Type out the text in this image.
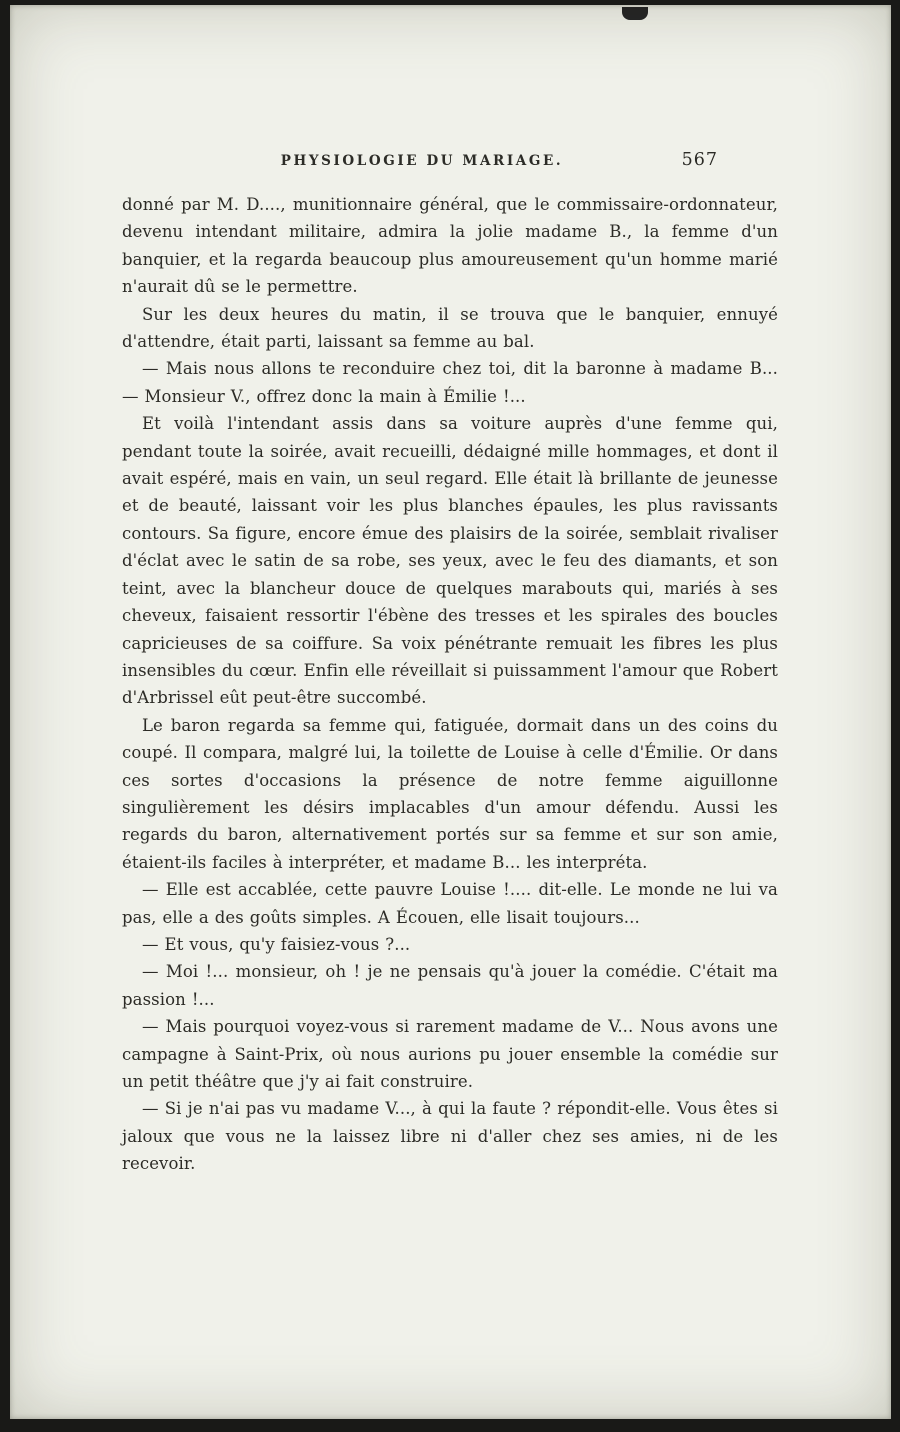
PHYSIOLOGIE DU MARIAGE.	567

donné par M. D...., munitionnaire général, que le commissaire-ordonnateur, devenu intendant militaire, admira la jolie madame B., la femme d'un banquier, et la regarda beaucoup plus amoureusement qu'un homme marié n'aurait dû se le permettre.

Sur les deux heures du matin, il se trouva que le banquier, ennuyé d'attendre, était parti, laissant sa femme au bal.

— Mais nous allons te reconduire chez toi, dit la baronne à madame B... — Monsieur V., offrez donc la main à Émilie !...

Et voilà l'intendant assis dans sa voiture auprès d'une femme qui, pendant toute la soirée, avait recueilli, dédaigné mille hommages, et dont il avait espéré, mais en vain, un seul regard. Elle était là brillante de jeunesse et de beauté, laissant voir les plus blanches épaules, les plus ravissants contours. Sa figure, encore émue des plaisirs de la soirée, semblait rivaliser d'éclat avec le satin de sa robe, ses yeux, avec le feu des diamants, et son teint, avec la blancheur douce de quelques marabouts qui, mariés à ses cheveux, faisaient ressortir l'ébène des tresses et les spirales des boucles capricieuses de sa coiffure. Sa voix pénétrante remuait les fibres les plus insensibles du cœur. Enfin elle réveillait si puissamment l'amour que Robert d'Arbrissel eût peut-être succombé.

Le baron regarda sa femme qui, fatiguée, dormait dans un des coins du coupé. Il compara, malgré lui, la toilette de Louise à celle d'Émilie. Or dans ces sortes d'occasions la présence de notre femme aiguillonne singulièrement les désirs implacables d'un amour défendu. Aussi les regards du baron, alternativement portés sur sa femme et sur son amie, étaient-ils faciles à interpréter, et madame B... les interpréta.

— Elle est accablée, cette pauvre Louise !.... dit-elle. Le monde ne lui va pas, elle a des goûts simples. A Écouen, elle lisait toujours...

— Et vous, qu'y faisiez-vous ?...

— Moi !... monsieur, oh ! je ne pensais qu'à jouer la comédie. C'était ma passion !...

— Mais pourquoi voyez-vous si rarement madame de V... Nous avons une campagne à Saint-Prix, où nous aurions pu jouer ensemble la comédie sur un petit théâtre que j'y ai fait construire.

— Si je n'ai pas vu madame V..., à qui la faute ? répondit-elle. Vous êtes si jaloux que vous ne la laissez libre ni d'aller chez ses amies, ni de les recevoir.
